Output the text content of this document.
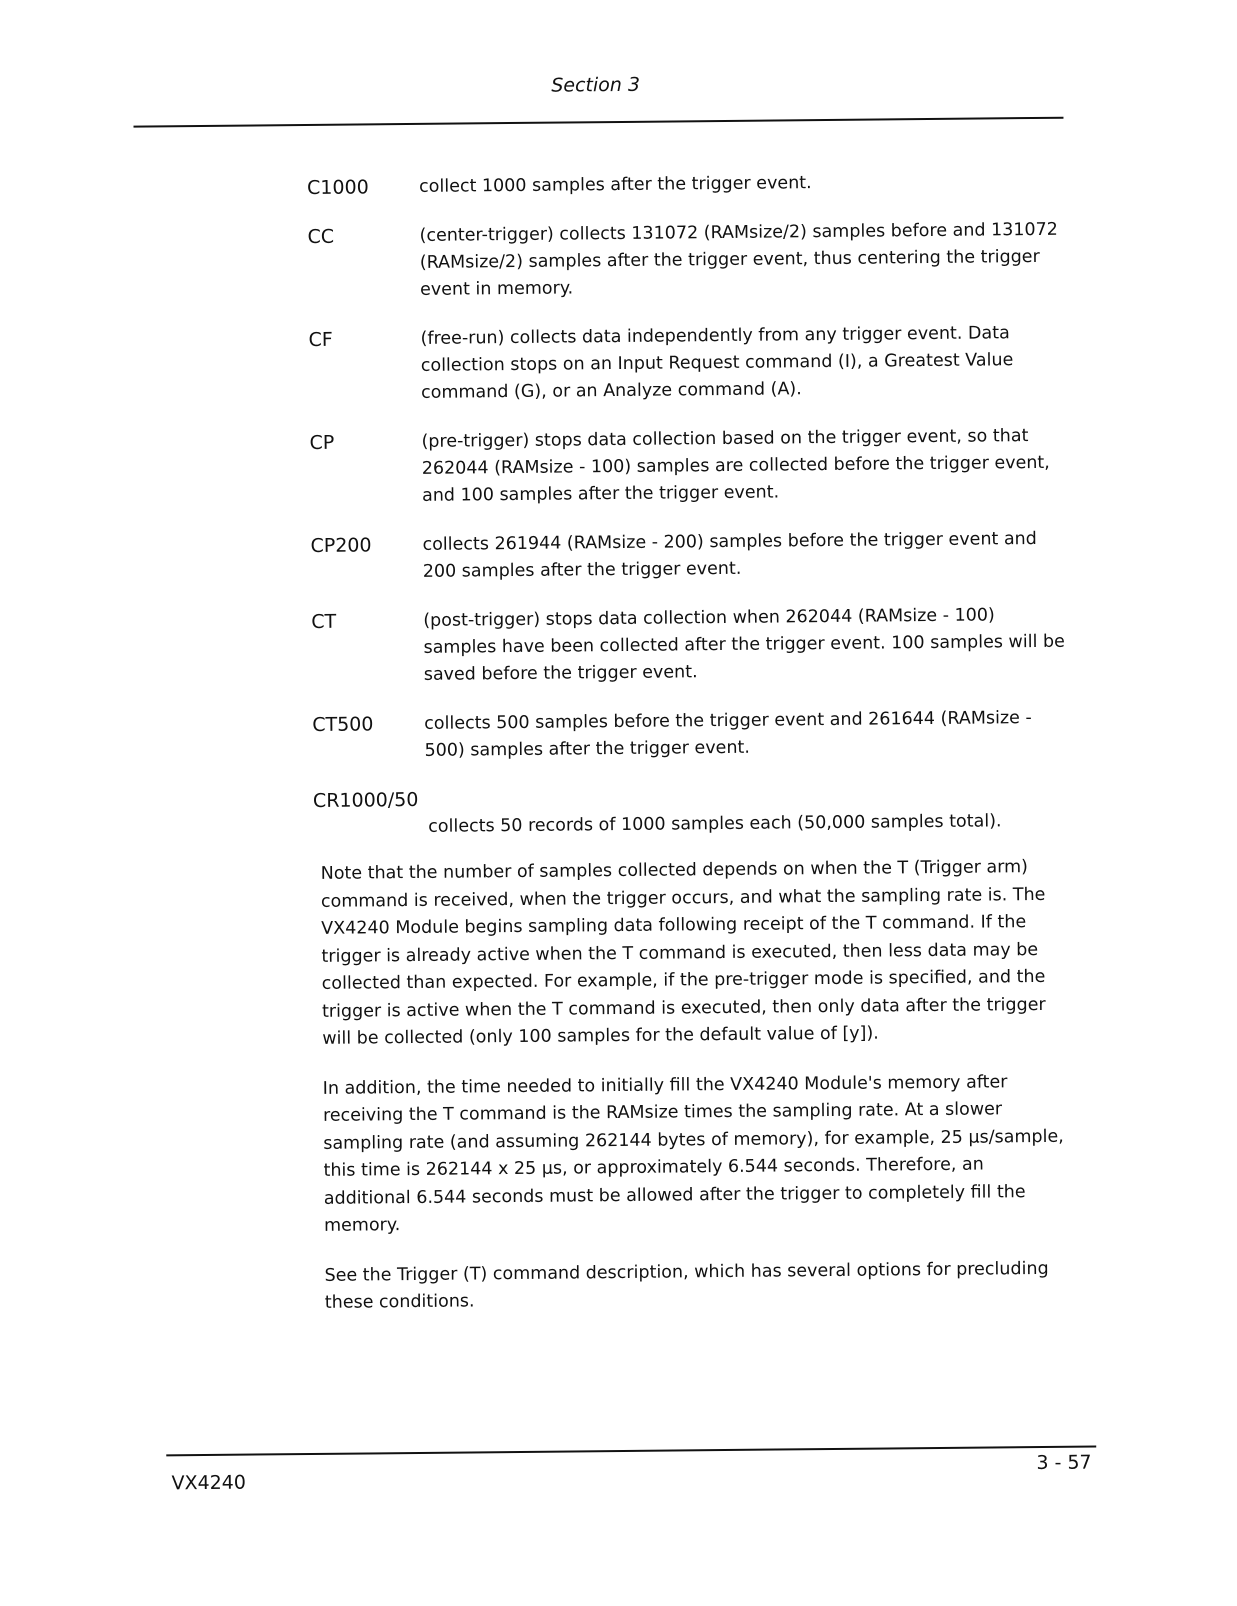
Section 3
C1000	collect 1000 samples after the trigger event.
CC	(center-trigger) collects 131072 (RAMsize/2) samples before and 131072 (RAMsize/2) samples after the trigger event, thus centering the trigger event in memory.
CF	(free-run) collects data independently from any trigger event. Data collection stops on an Input Request command (I), a Greatest Value command (G), or an Analyze command (A).
CP	(pre-trigger) stops data collection based on the trigger event, so that 262044 (RAMsize - 100) samples are collected before the trigger event, and 100 samples after the trigger event.
CP200	collects 261944 (RAMsize - 200) samples before the trigger event and 200 samples after the trigger event.
CT	(post-trigger) stops data collection when 262044 (RAMsize - 100) samples have been collected after the trigger event. 100 samples will be saved before the trigger event.
CT500	collects 500 samples before the trigger event and 261644 (RAMsize - 500) samples after the trigger event.
CR1000/50
collects 50 records of 1000 samples each (50,000 samples total).

Note that the number of samples collected depends on when the T (Trigger arm) command is received, when the trigger occurs, and what the sampling rate is. The VX4240 Module begins sampling data following receipt of the T command. If the trigger is already active when the T command is executed, then less data may be collected than expected. For example, if the pre-trigger mode is specified, and the trigger is active when the T command is executed, then only data after the trigger will be collected (only 100 samples for the default value of [y]).

In addition, the time needed to initially fill the VX4240 Module's memory after receiving the T command is the RAMsize times the sampling rate. At a slower sampling rate (and assuming 262144 bytes of memory), for example, 25 µs/sample, this time is 262144 x 25 µs, or approximately 6.544 seconds. Therefore, an additional 6.544 seconds must be allowed after the trigger to completely fill the memory.

See the Trigger (T) command description, which has several options for precluding these conditions.

VX4240
3 - 57
